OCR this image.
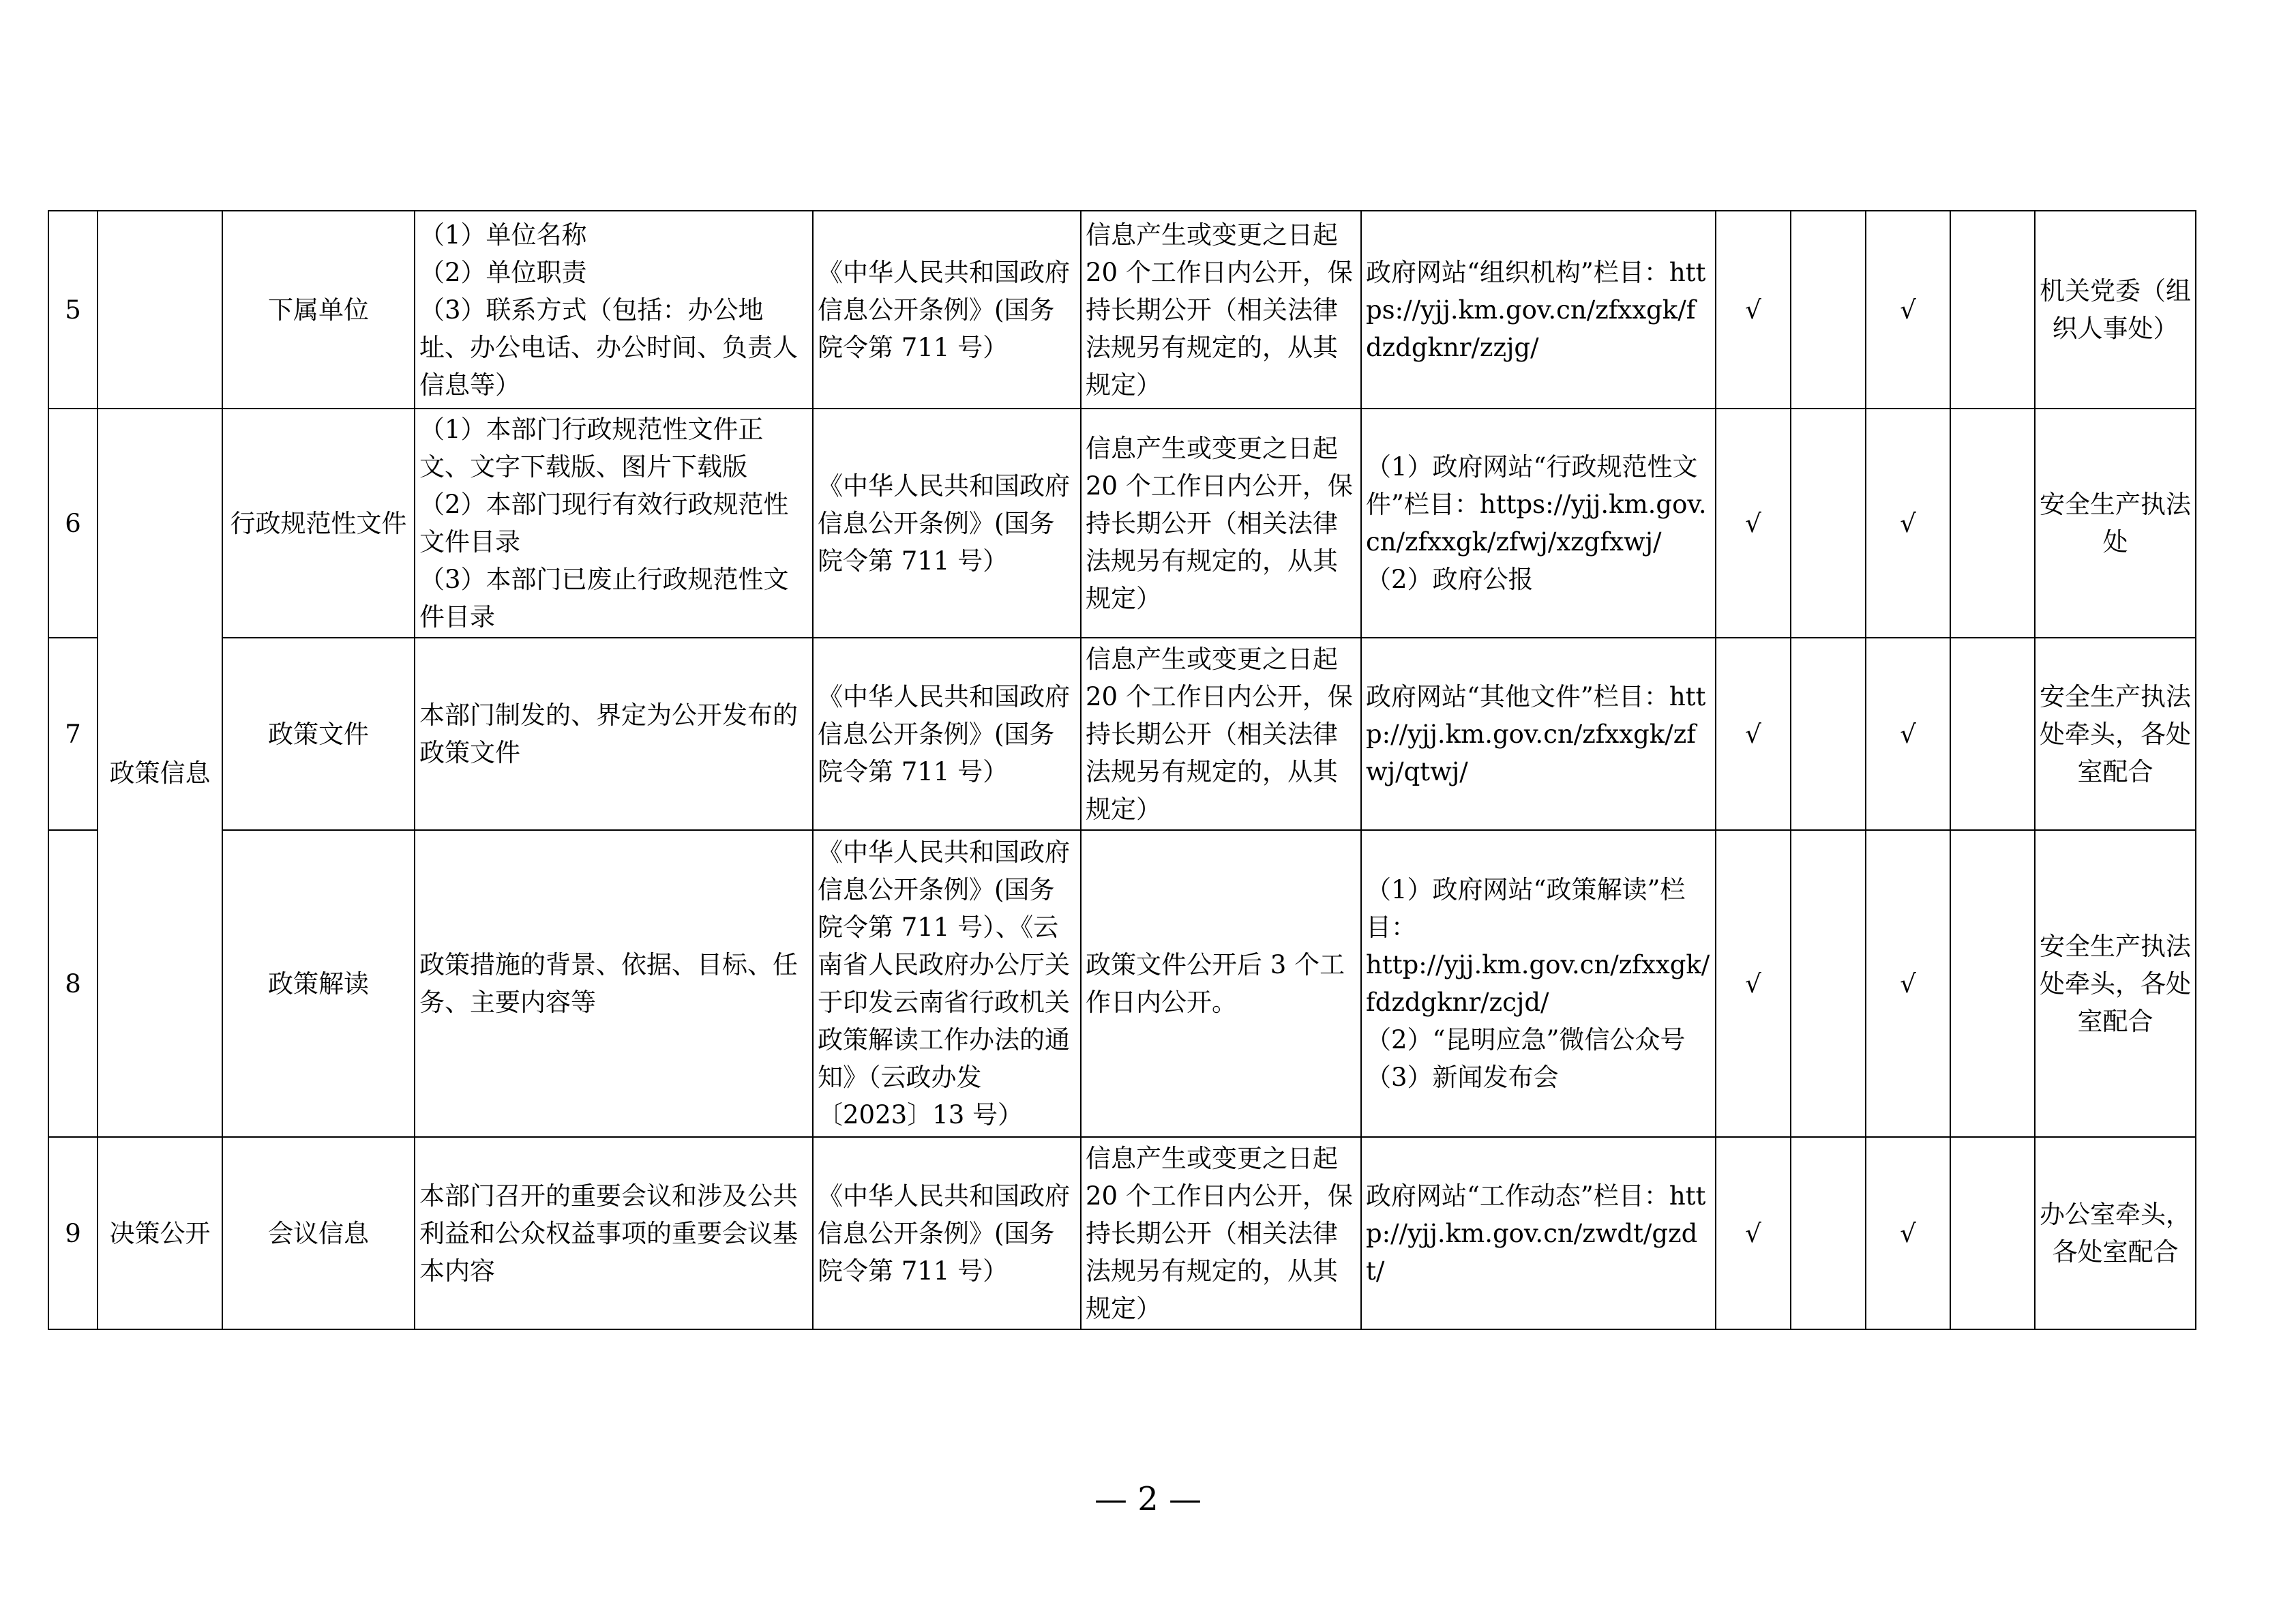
5		下属单位	（1）单位名称
（2）单位职责
（3）联系方式（包括：办公地址、办公电话、办公时间、负责人信息等）	《中华人民共和国政府信息公开条例》(国务院令第 711 号）	信息产生或变更之日起 20 个工作日内公开，保持长期公开（相关法律法规另有规定的，从其规定）	政府网站“组织机构”栏目：https://yjj.km.gov.cn/zfxxgk/fdzdgknr/zzjg/	√		√		机关党委（组织人事处）
6	政策信息	行政规范性文件	（1）本部门行政规范性文件正文、文字下载版、图片下载版
（2）本部门现行有效行政规范性文件目录
（3）本部门已废止行政规范性文件目录	《中华人民共和国政府信息公开条例》(国务院令第 711 号）	信息产生或变更之日起 20 个工作日内公开，保持长期公开（相关法律法规另有规定的，从其规定）	（1）政府网站“行政规范性文件”栏目：https://yjj.km.gov.cn/zfxxgk/zfwj/xzgfxwj/
（2）政府公报	√		√		安全生产执法处
7		政策文件	本部门制发的、界定为公开发布的政策文件	《中华人民共和国政府信息公开条例》(国务院令第 711 号）	信息产生或变更之日起 20 个工作日内公开，保持长期公开（相关法律法规另有规定的，从其规定）	政府网站“其他文件”栏目：http://yjj.km.gov.cn/zfxxgk/zfwj/qtwj/	√		√		安全生产执法处牵头，各处室配合
8		政策解读	政策措施的背景、依据、目标、任务、主要内容等	《中华人民共和国政府信息公开条例》(国务院令第 711 号）、《云南省人民政府办公厅关于印发云南省行政机关政策解读工作办法的通知》（云政办发〔2023〕13 号）	政策文件公开后 3 个工作日内公开。	（1）政府网站“政策解读”栏目：
http://yjj.km.gov.cn/zfxxgk/fdzdgknr/zcjd/
（2）“昆明应急”微信公众号
（3）新闻发布会	√		√		安全生产执法处牵头，各处室配合
9	决策公开	会议信息	本部门召开的重要会议和涉及公共利益和公众权益事项的重要会议基本内容	《中华人民共和国政府信息公开条例》(国务院令第 711 号）	信息产生或变更之日起 20 个工作日内公开，保持长期公开（相关法律法规另有规定的，从其规定）	政府网站“工作动态”栏目：http://yjj.km.gov.cn/zwdt/gzdt/	√		√		办公室牵头，各处室配合
— 2 —
